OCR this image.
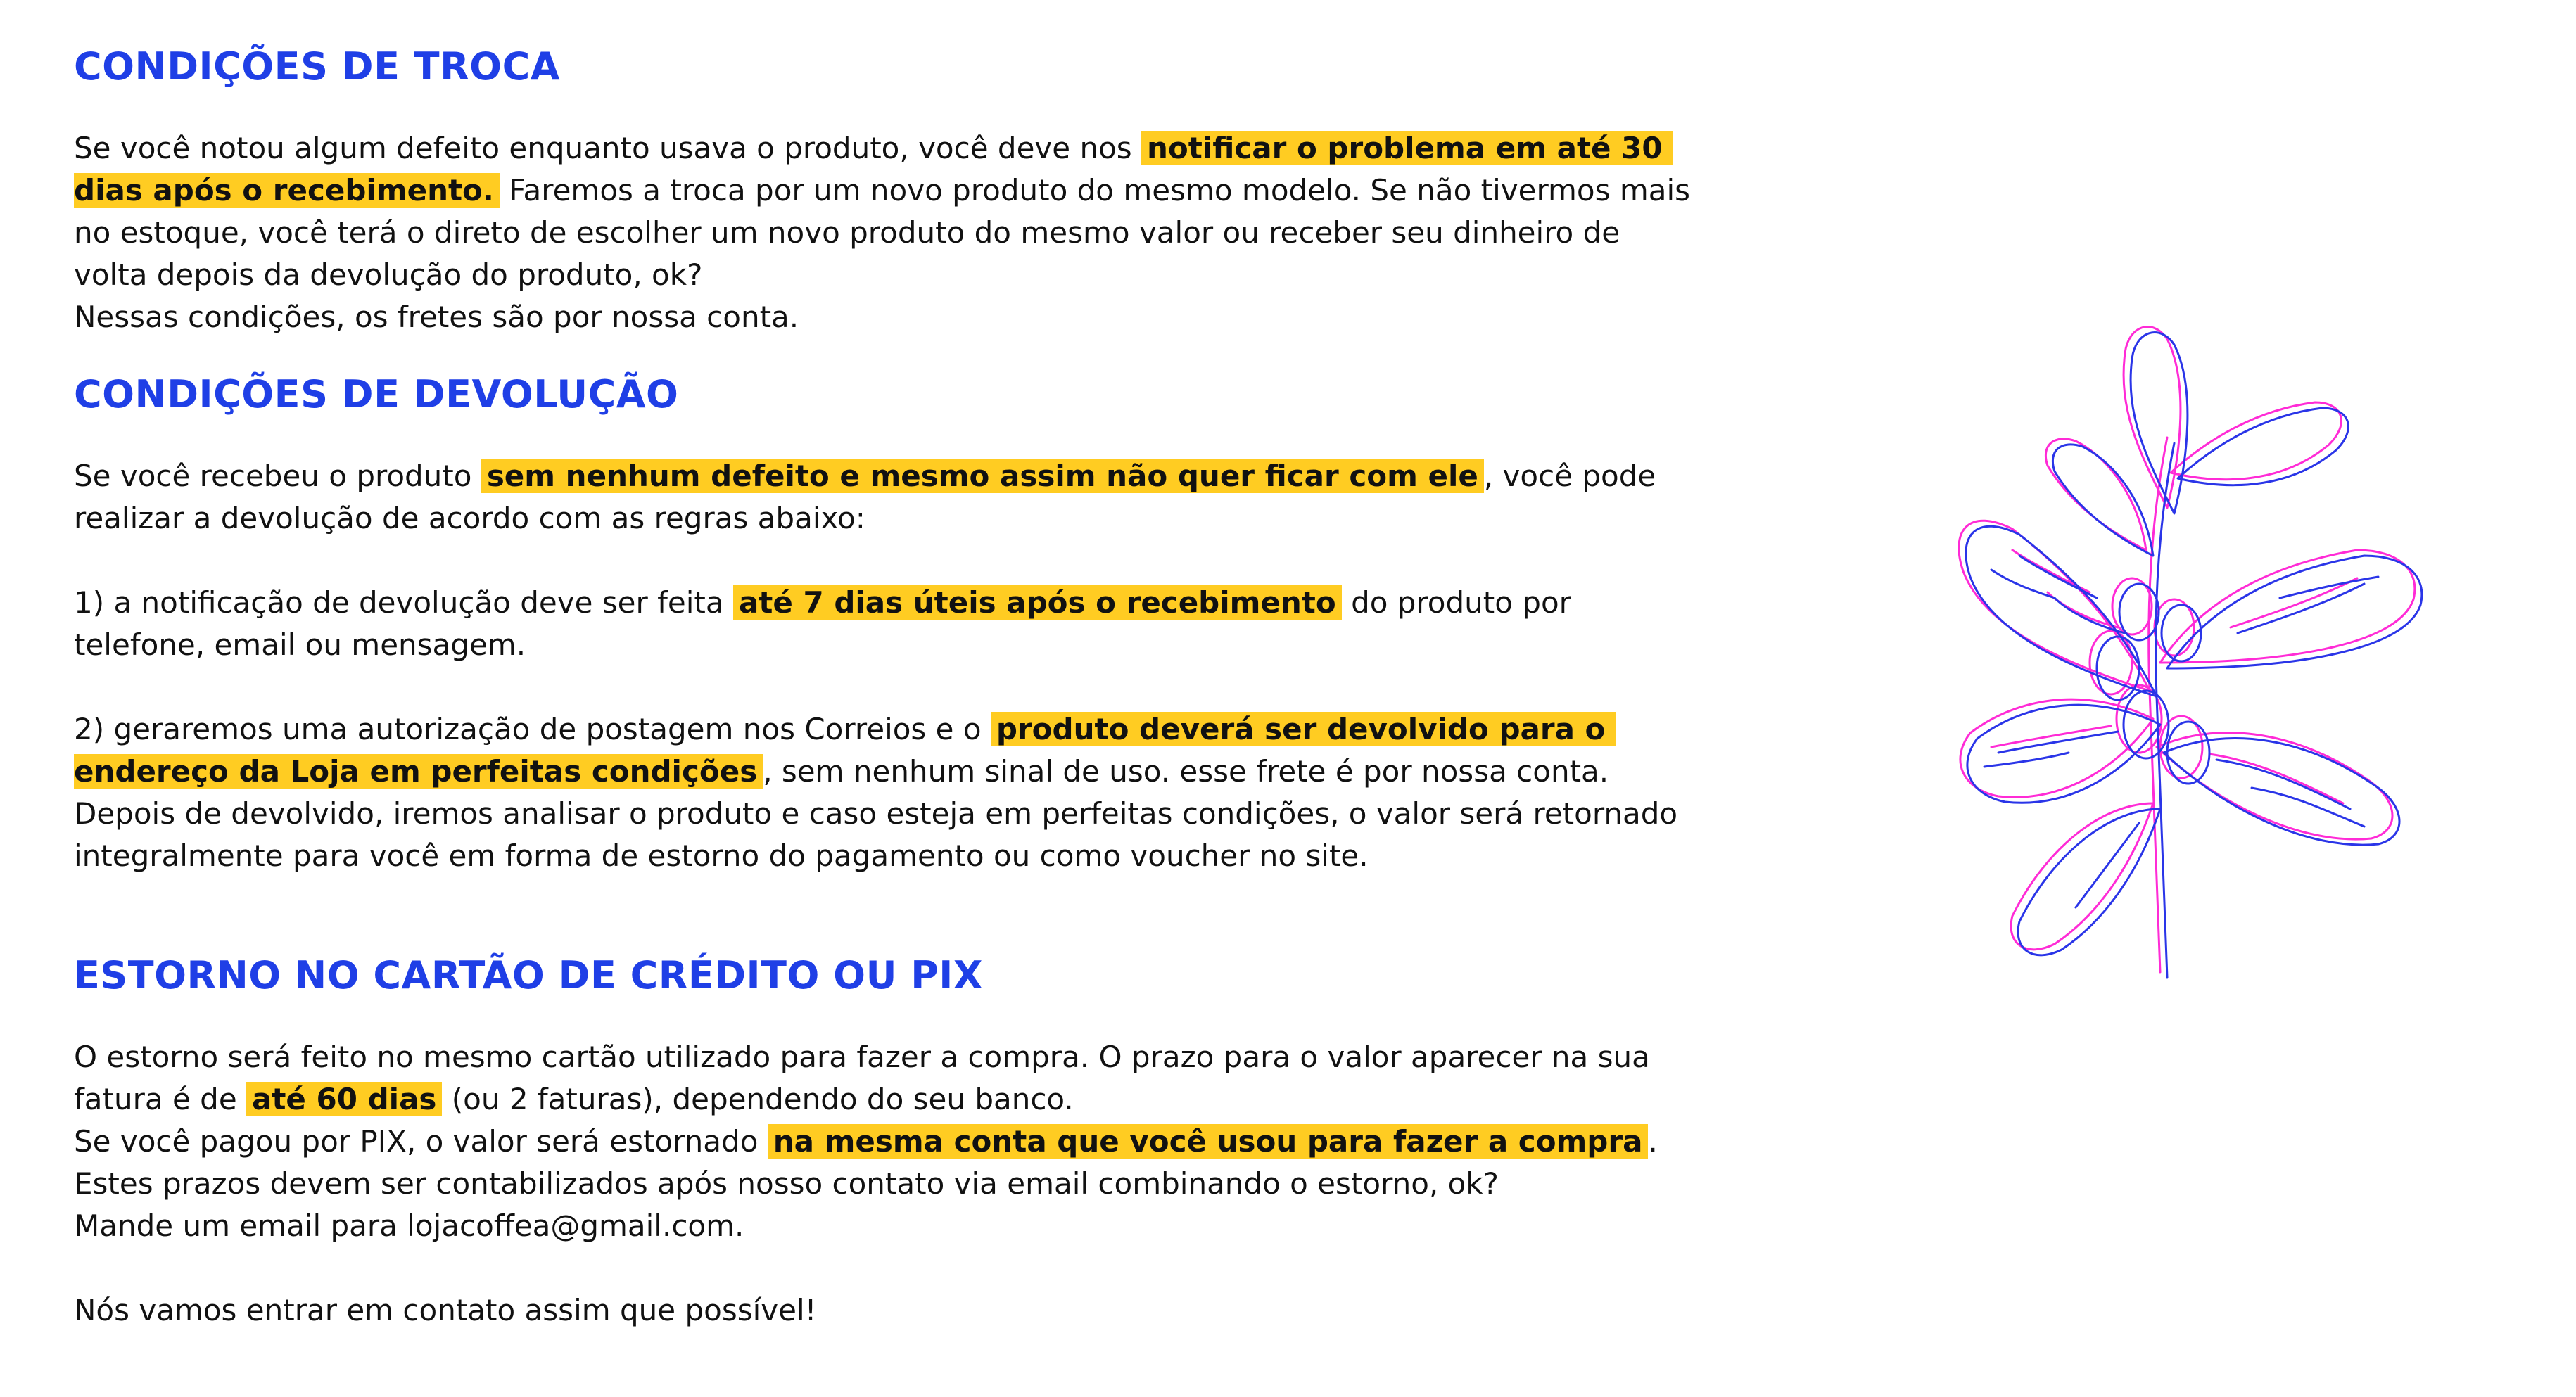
CONDIÇÕES DE TROCA

Se você notou algum defeito enquanto usava o produto, você deve nos notificar o problema em até 30 dias após o recebimento. Faremos a troca por um novo produto do mesmo modelo. Se não tivermos mais no estoque, você terá o direto de escolher um novo produto do mesmo valor ou receber seu dinheiro de volta depois da devolução do produto, ok?
Nessas condições, os fretes são por nossa conta.

CONDIÇÕES DE DEVOLUÇÃO

Se você recebeu o produto sem nenhum defeito e mesmo assim não quer ficar com ele , você pode realizar a devolução de acordo com as regras abaixo:

1) a notificação de devolução deve ser feita até 7 dias úteis após o recebimento do produto por telefone, email ou mensagem.

2) geraremos uma autorização de postagem nos Correios e o produto deverá ser devolvido para o endereço da Loja em perfeitas condições , sem nenhum sinal de uso. esse frete é por nossa conta.
Depois de devolvido, iremos analisar o produto e caso esteja em perfeitas condições, o valor será retornado integralmente para você em forma de estorno do pagamento ou como voucher no site.

ESTORNO NO CARTÃO DE CRÉDITO OU PIX

O estorno será feito no mesmo cartão utilizado para fazer a compra. O prazo para o valor aparecer na sua fatura é de até 60 dias (ou 2 faturas), dependendo do seu banco.
Se você pagou por PIX, o valor será estornado na mesma conta que você usou para fazer a compra .
Estes prazos devem ser contabilizados após nosso contato via email combinando o estorno, ok?
Mande um email para lojacoffea@gmail.com.

Nós vamos entrar em contato assim que possível!
